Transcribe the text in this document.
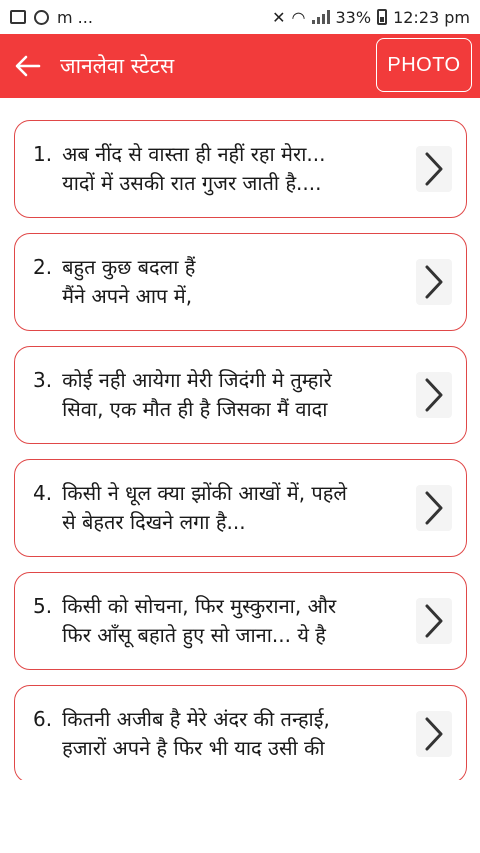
m ...	✕ ◠ 33% 12:23 pm
जानलेवा स्टेटस	PHOTO
1. अब नींद से वास्ता ही नहीं रहा मेरा...
यादों में उसकी रात गुजर जाती है....
2. बहुत कुछ बदला हैं
मैंने अपने आप में,
3. कोई नही आयेगा मेरी जिदंगी मे तुम्हारे
सिवा, एक मौत ही है जिसका मैं वादा
4. किसी ने धूल क्या झोंकी आखों में, पहले
से बेहतर दिखने लगा है...
5. किसी को सोचना, फिर मुस्कुराना, और
फिर आँसू बहाते हुए सो जाना... ये है
6. कितनी अजीब है मेरे अंदर की तन्हाई,
हजारों अपने है फिर भी याद उसी की
